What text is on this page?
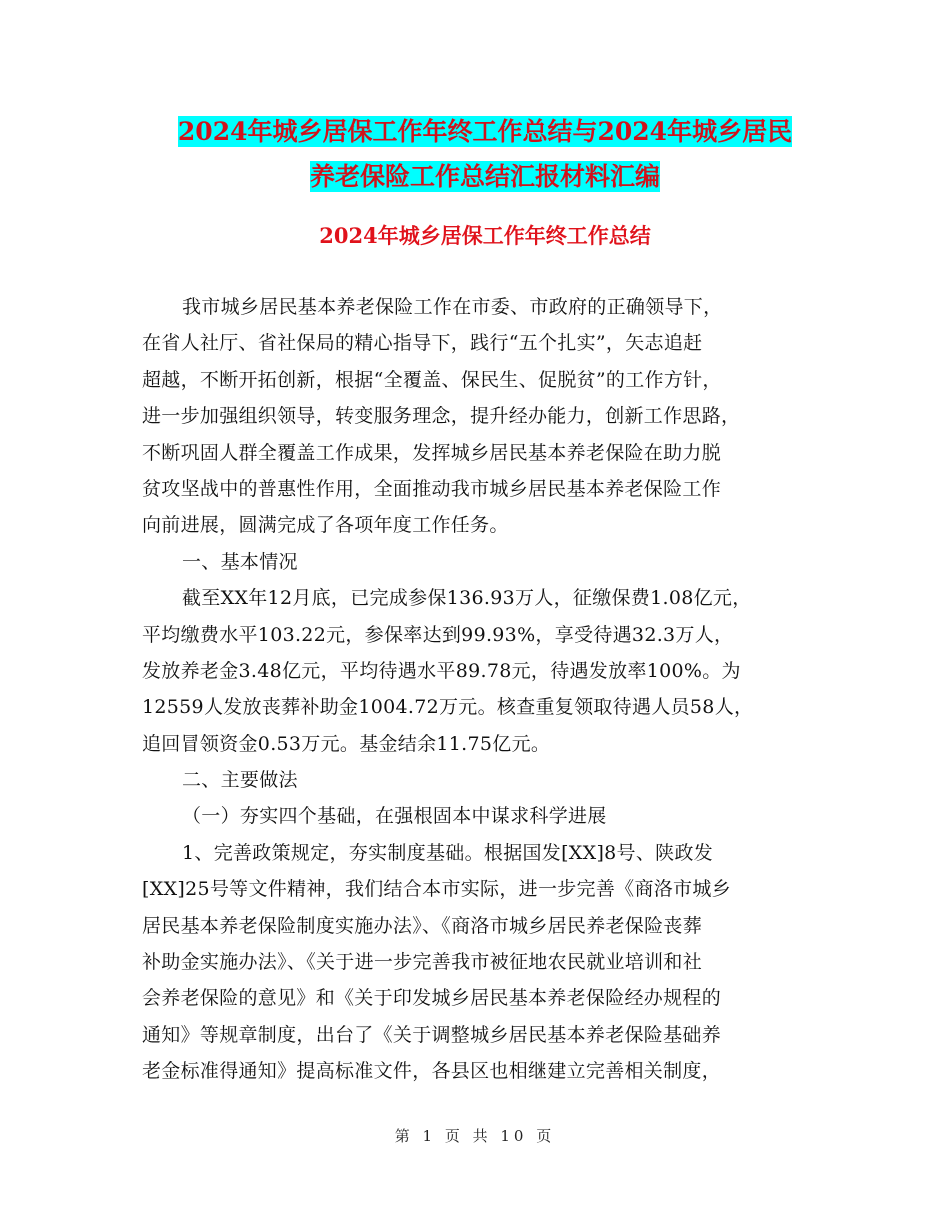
2024年城乡居保工作年终工作总结与2024年城乡居民
养老保险工作总结汇报材料汇编
2024年城乡居保工作年终工作总结
我市城乡居民基本养老保险工作在市委、市政府的正确领导下，
在省人社厅、省社保局的精心指导下，践行“五个扎实”，矢志追赶
超越，不断开拓创新，根据“全覆盖、保民生、促脱贫”的工作方针，
进一步加强组织领导，转变服务理念，提升经办能力，创新工作思路，
不断巩固人群全覆盖工作成果，发挥城乡居民基本养老保险在助力脱
贫攻坚战中的普惠性作用，全面推动我市城乡居民基本养老保险工作
向前进展，圆满完成了各项年度工作任务。
一、基本情况
截至XX年12月底，已完成参保136.93万人，征缴保费1.08亿元，
平均缴费水平103.22元，参保率达到99.93%，享受待遇32.3万人，
发放养老金3.48亿元，平均待遇水平89.78元，待遇发放率100%。为
12559人发放丧葬补助金1004.72万元。核查重复领取待遇人员58人，
追回冒领资金0.53万元。基金结余11.75亿元。
二、主要做法
（一）夯实四个基础，在强根固本中谋求科学进展
1、完善政策规定，夯实制度基础。根据国发[XX]8号、陕政发
[XX]25号等文件精神，我们结合本市实际，进一步完善《商洛市城乡
居民基本养老保险制度实施办法》、《商洛市城乡居民养老保险丧葬
补助金实施办法》、《关于进一步完善我市被征地农民就业培训和社
会养老保险的意见》和《关于印发城乡居民基本养老保险经办规程的
通知》等规章制度，出台了《关于调整城乡居民基本养老保险基础养
老金标准得通知》提高标准文件，各县区也相继建立完善相关制度，
第 1 页 共 10 页
